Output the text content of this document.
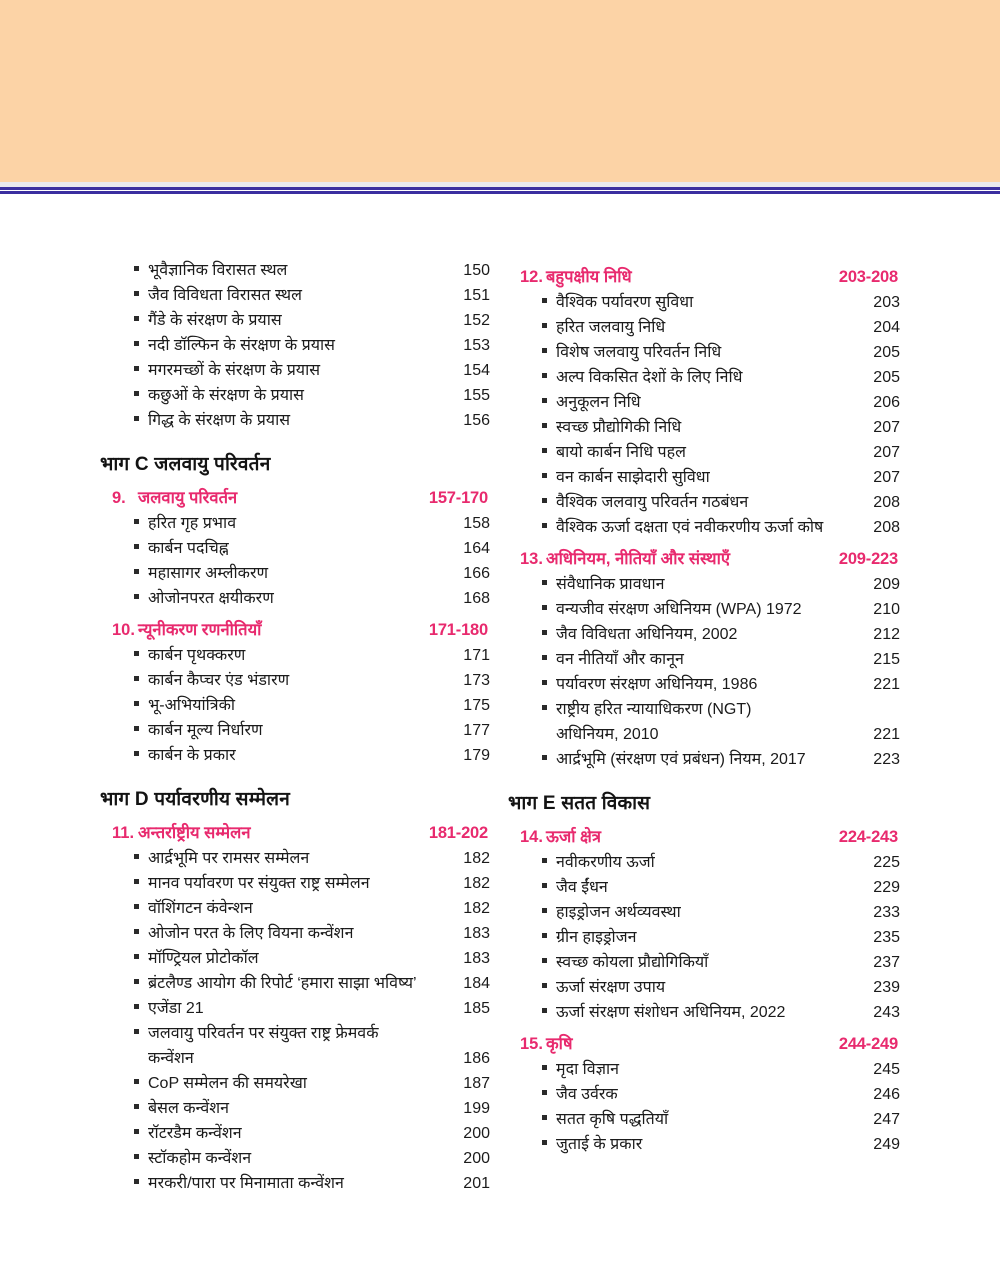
भूवैज्ञानिक विरासत स्थल	150
जैव विविधता विरासत स्थल	151
गैंडे के संरक्षण के प्रयास	152
नदी डॉल्फिन के संरक्षण के प्रयास	153
मगरमच्छों के संरक्षण के प्रयास	154
कछुओं के संरक्षण के प्रयास	155
गिद्ध के संरक्षण के प्रयास	156
भाग C जलवायु परिवर्तन
9. जलवायु परिवर्तन	157-170
हरित गृह प्रभाव	158
कार्बन पदचिह्न	164
महासागर अम्लीकरण	166
ओजोनपरत क्षयीकरण	168
10. न्यूनीकरण रणनीतियाँ	171-180
कार्बन पृथक्करण	171
कार्बन कैप्चर एंड भंडारण	173
भू-अभियांत्रिकी	175
कार्बन मूल्य निर्धारण	177
कार्बन के प्रकार	179
भाग D पर्यावरणीय सम्मेलन
11. अन्तर्राष्ट्रीय सम्मेलन	181-202
आर्द्रभूमि पर रामसर सम्मेलन	182
मानव पर्यावरण पर संयुक्त राष्ट्र सम्मेलन	182
वॉशिंगटन कंवेन्शन	182
ओजोन परत के लिए वियना कन्वेंशन	183
मॉण्ट्रियल प्रोटोकॉल	183
ब्रंटलैण्ड आयोग की रिपोर्ट ‘हमारा साझा भविष्य’	184
एजेंडा 21	185
जलवायु परिवर्तन पर संयुक्त राष्ट्र फ्रेमवर्क
कन्वेंशन	186
CoP सम्मेलन की समयरेखा	187
बेसल कन्वेंशन	199
रॉटरडैम कन्वेंशन	200
स्टॉकहोम कन्वेंशन	200
मरकरी/पारा पर मिनामाता कन्वेंशन	201
12. बहुपक्षीय निधि	203-208
वैश्विक पर्यावरण सुविधा	203
हरित जलवायु निधि	204
विशेष जलवायु परिवर्तन निधि	205
अल्प विकसित देशों के लिए निधि	205
अनुकूलन निधि	206
स्वच्छ प्रौद्योगिकी निधि	207
बायो कार्बन निधि पहल	207
वन कार्बन साझेदारी सुविधा	207
वैश्विक जलवायु परिवर्तन गठबंधन	208
वैश्विक ऊर्जा दक्षता एवं नवीकरणीय ऊर्जा कोष	208
13. अधिनियम, नीतियाँ और संस्थाएँ	209-223
संवैधानिक प्रावधान	209
वन्यजीव संरक्षण अधिनियम (WPA) 1972	210
जैव विविधता अधिनियम, 2002	212
वन नीतियाँ और कानून	215
पर्यावरण संरक्षण अधिनियम, 1986	221
राष्ट्रीय हरित न्यायाधिकरण (NGT)
अधिनियम, 2010	221
आर्द्रभूमि (संरक्षण एवं प्रबंधन) नियम, 2017	223
भाग E सतत विकास
14. ऊर्जा क्षेत्र	224-243
नवीकरणीय ऊर्जा	225
जैव ईंधन	229
हाइड्रोजन अर्थव्यवस्था	233
ग्रीन हाइड्रोजन	235
स्वच्छ कोयला प्रौद्योगिकियाँ	237
ऊर्जा संरक्षण उपाय	239
ऊर्जा संरक्षण संशोधन अधिनियम, 2022	243
15. कृषि	244-249
मृदा विज्ञान	245
जैव उर्वरक	246
सतत कृषि पद्धतियाँ	247
जुताई के प्रकार	249
